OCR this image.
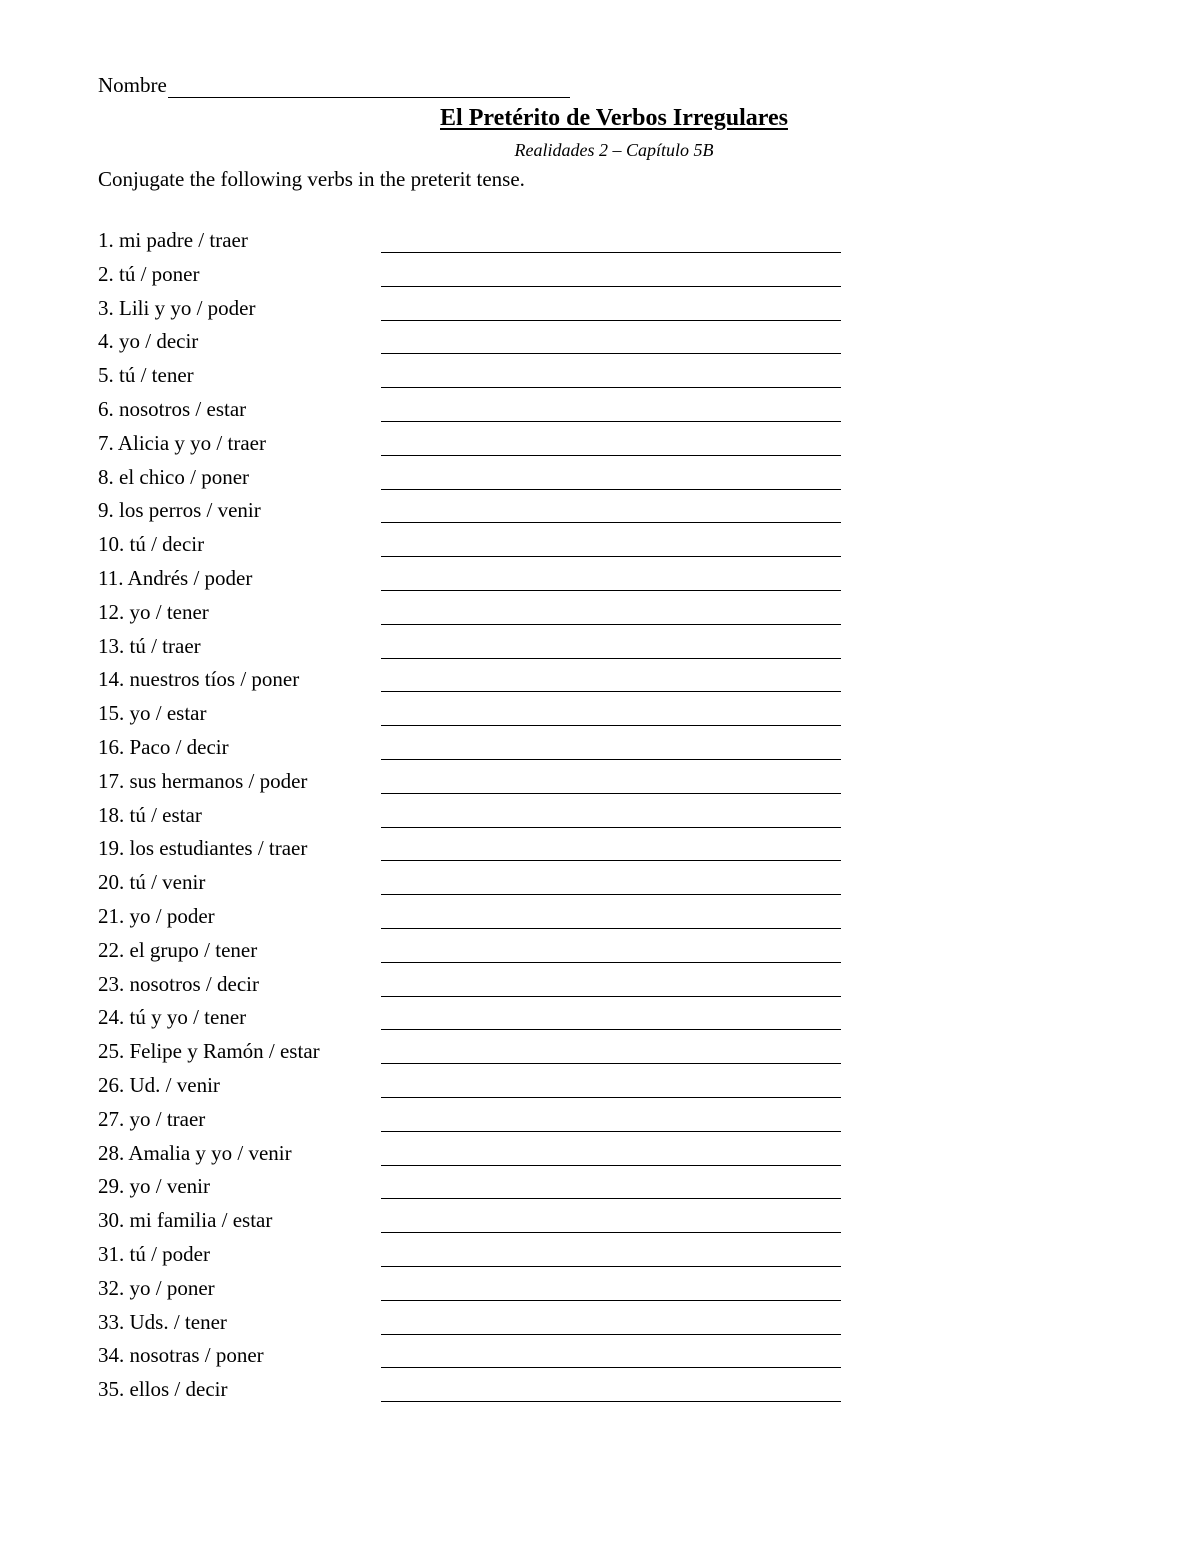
Nombre
El Pretérito de Verbos Irregulares
Realidades 2 – Capítulo 5B
Conjugate the following verbs in the preterit tense.
1. mi padre / traer
2. tú / poner
3. Lili y yo / poder
4. yo / decir
5. tú / tener
6. nosotros / estar
7. Alicia y yo / traer
8. el chico / poner
9. los perros / venir
10. tú / decir
11. Andrés / poder
12. yo / tener
13. tú / traer
14. nuestros tíos / poner
15. yo / estar
16. Paco / decir
17. sus hermanos / poder
18. tú / estar
19. los estudiantes / traer
20. tú / venir
21. yo / poder
22. el grupo / tener
23. nosotros / decir
24. tú y yo / tener
25. Felipe y Ramón / estar
26. Ud. / venir
27. yo / traer
28. Amalia y yo / venir
29. yo / venir
30. mi familia / estar
31. tú / poder
32. yo / poner
33. Uds. / tener
34. nosotras / poner
35. ellos / decir
